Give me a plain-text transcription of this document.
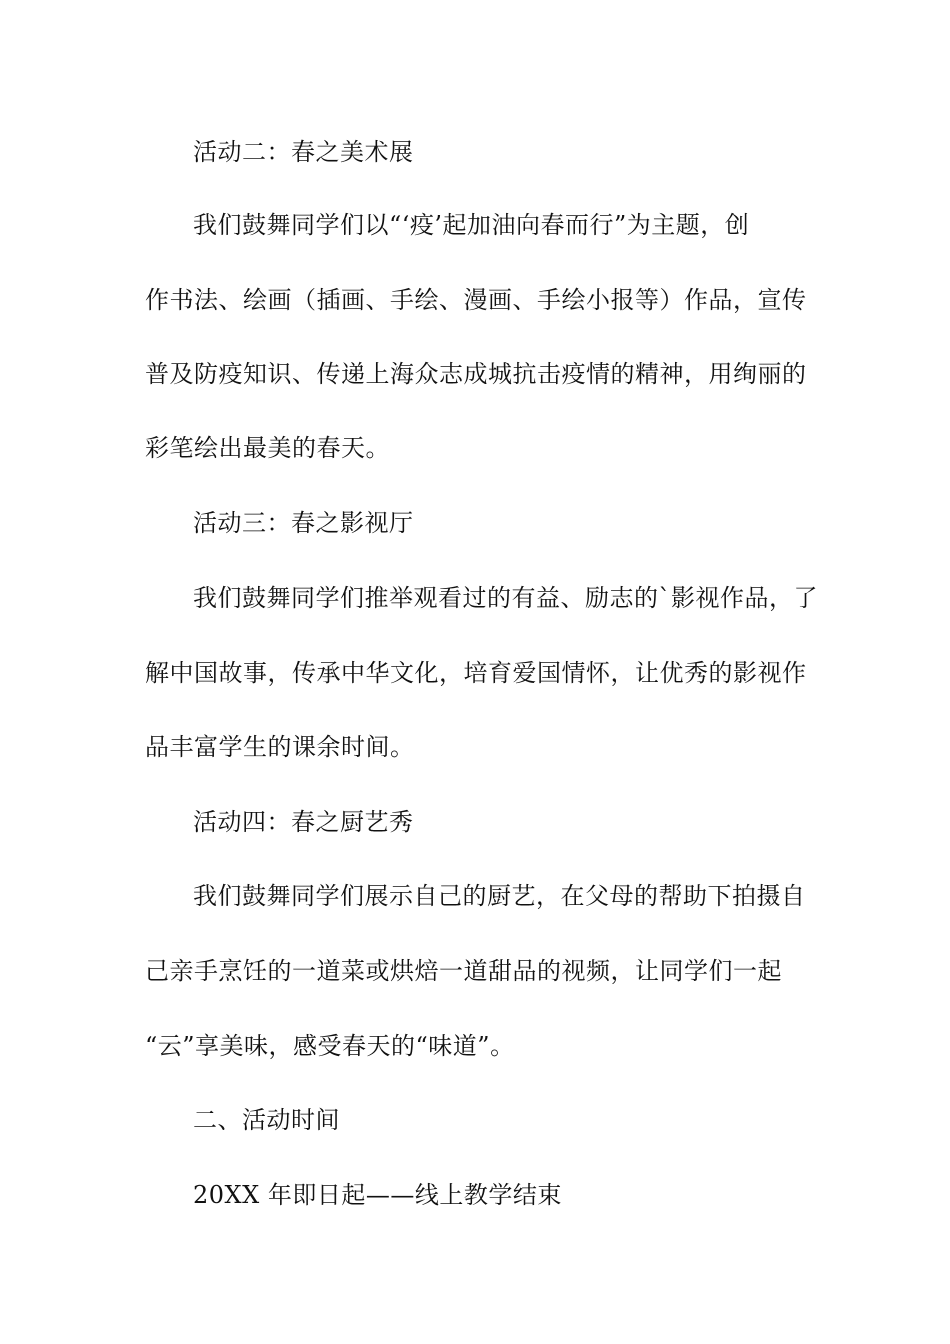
活动二：春之美术展
我们鼓舞同学们以“‘疫’起加油向春而行”为主题，创
作书法、绘画（插画、手绘、漫画、手绘小报等）作品，宣传
普及防疫知识、传递上海众志成城抗击疫情的精神，用绚丽的
彩笔绘出最美的春天。
活动三：春之影视厅
我们鼓舞同学们推举观看过的有益、励志的`影视作品，了
解中国故事，传承中华文化，培育爱国情怀，让优秀的影视作
品丰富学生的课余时间。
活动四：春之厨艺秀
我们鼓舞同学们展示自己的厨艺，在父母的帮助下拍摄自
己亲手烹饪的一道菜或烘焙一道甜品的视频，让同学们一起
“云”享美味，感受春天的“味道”。
二、活动时间
20XX 年即日起——线上教学结束
